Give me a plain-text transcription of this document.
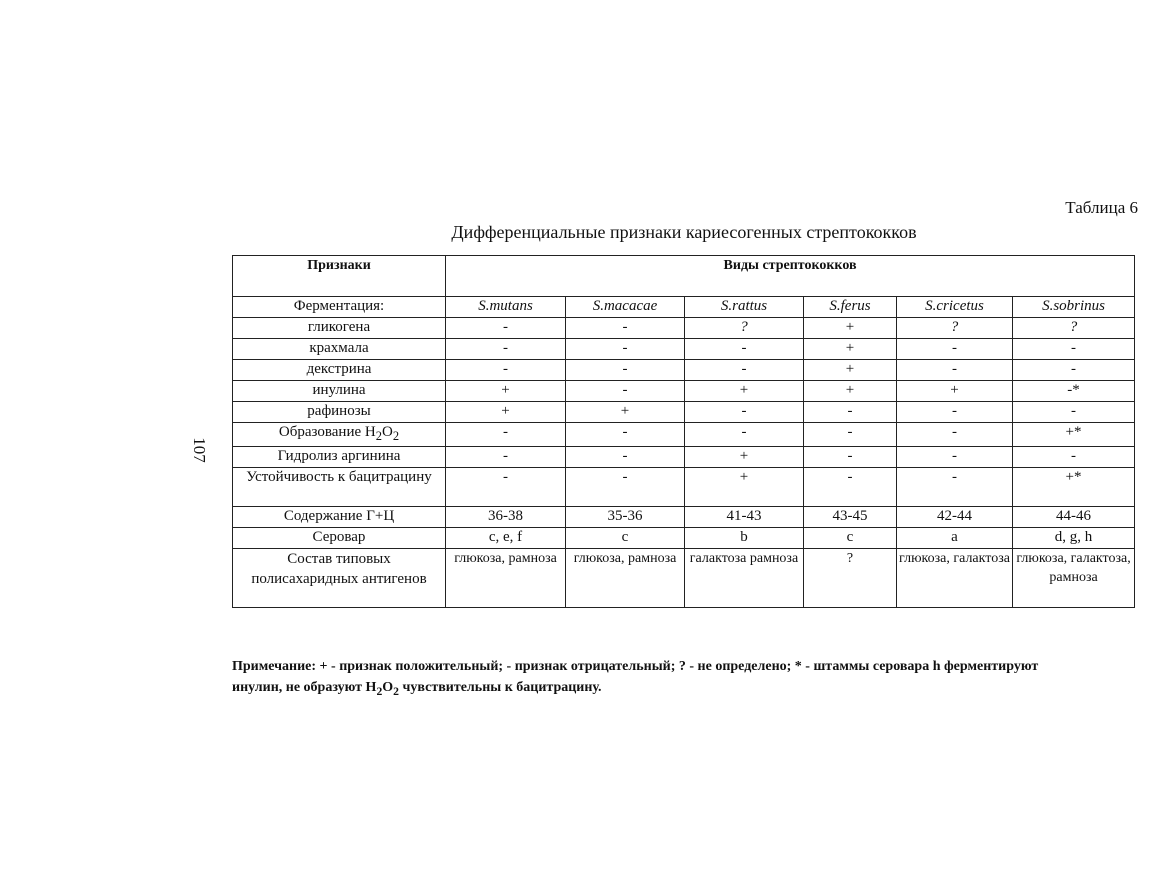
Таблица 6
Дифференциальные признаки кариесогенных стрептококков
107
Признаки	Виды стрептококков					
Ферментация:	S.mutans	S.macacae	S.rattus	S.ferus	S.cricetus	S.sobrinus
гликогена	-	-	?	+	?	?
крахмала	-	-	-	+	-	-
декстрина	-	-	-	+	-	-
инулина	+	-	+	+	+	-*
рафинозы	+	+	-	-	-	-
Образование $H_2O_2$	-	-	-	-	-	+*
Гидролиз аргинина	-	-	+	-	-	-
Устойчивость к бацитрацину	-	-	+	-	-	+*
Содержание Г+Ц	36-38	35-36	41-43	43-45	42-44	44-46
Серовар	c, e, f	c	b	c	a	d, g, h
Состав типовых полисахаридных антигенов	глюкоза, рамноза	глюкоза, рамноза	галактоза рамноза	?	глюкоза, галактоза	глюкоза, галактоза, рамноза
Примечание: + - признак положительный; - признак отрицательный; ? - не определено; * - штаммы серовара h ферментируют
инулин, не образуют $H_2O_2$ чувствительны к бацитрацину.
